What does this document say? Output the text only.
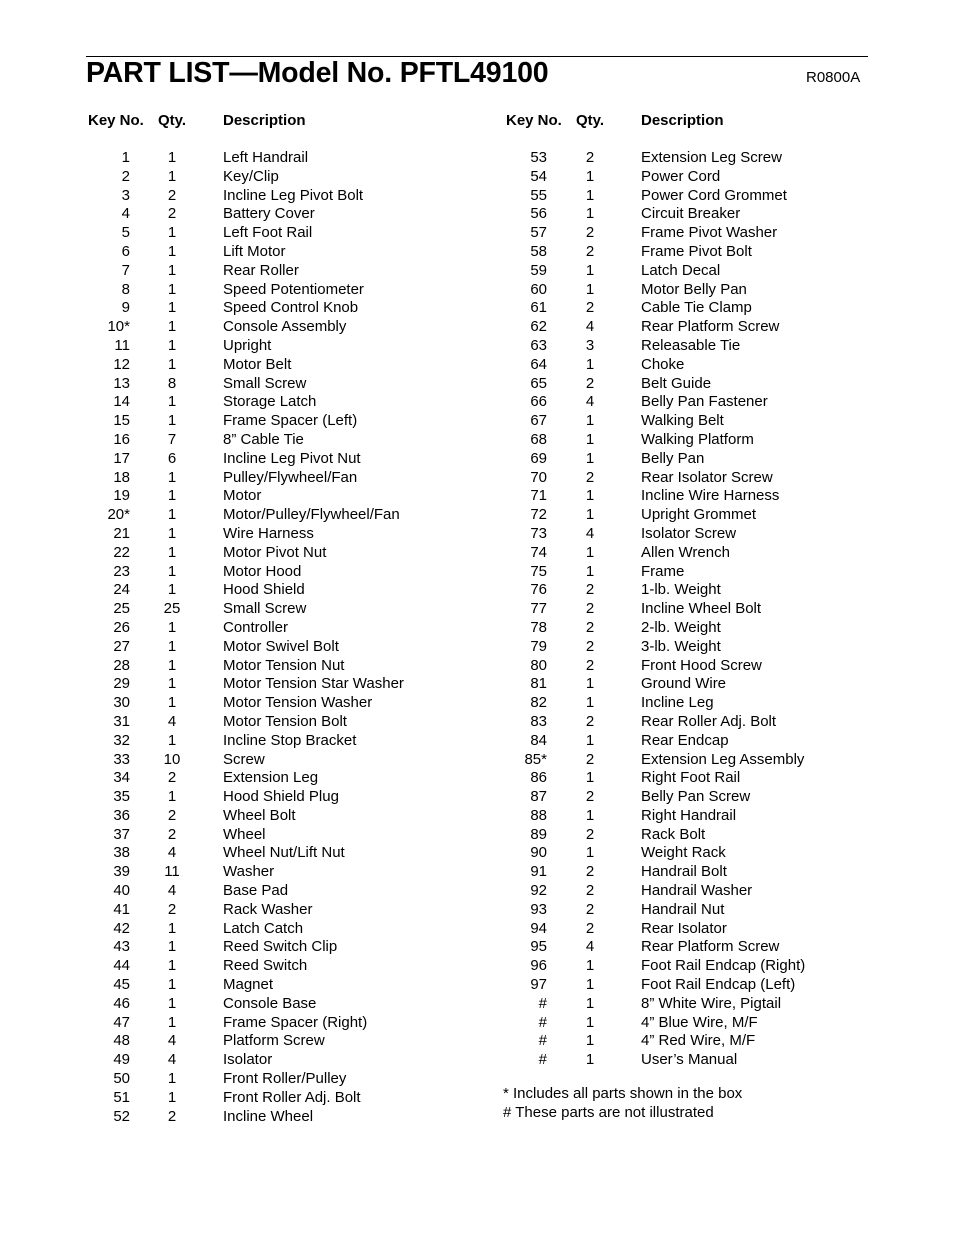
PART LIST—Model No. PFTL49100	R0800A
Key No. Qty. Description
1	1	Left Handrail
2	1	Key/Clip
3	2	Incline Leg Pivot Bolt
4	2	Battery Cover
5	1	Left Foot Rail
6	1	Lift Motor
7	1	Rear Roller
8	1	Speed Potentiometer
9	1	Speed Control Knob
10*	1	Console Assembly
11	1	Upright
12	1	Motor Belt
13	8	Small Screw
14	1	Storage Latch
15	1	Frame Spacer (Left)
16	7	8” Cable Tie
17	6	Incline Leg Pivot Nut
18	1	Pulley/Flywheel/Fan
19	1	Motor
20*	1	Motor/Pulley/Flywheel/Fan
21	1	Wire Harness
22	1	Motor Pivot Nut
23	1	Motor Hood
24	1	Hood Shield
25 25	Small Screw
26	1	Controller
27	1	Motor Swivel Bolt
28	1	Motor Tension Nut
29	1	Motor Tension Star Washer
30	1	Motor Tension Washer
31	4	Motor Tension Bolt
32	1	Incline Stop Bracket
33 10	Screw
34	2	Extension Leg
35	1	Hood Shield Plug
36	2	Wheel Bolt
37	2	Wheel
38	4	Wheel Nut/Lift Nut
39 11	Washer
40	4	Base Pad
41	2	Rack Washer
42	1	Latch Catch
43	1	Reed Switch Clip
44	1	Reed Switch
45	1	Magnet
46	1	Console Base
47	1	Frame Spacer (Right)
48	4	Platform Screw
49	4	Isolator
50	1	Front Roller/Pulley
51	1	Front Roller Adj. Bolt
52	2	Incline Wheel
Key No. Qty. Description
53	2	Extension Leg Screw
54	1	Power Cord
55	1	Power Cord Grommet
56	1	Circuit Breaker
57	2	Frame Pivot Washer
58	2	Frame Pivot Bolt
59	1	Latch Decal
60	1	Motor Belly Pan
61	2	Cable Tie Clamp
62	4	Rear Platform Screw
63	3	Releasable Tie
64	1	Choke
65	2	Belt Guide
66	4	Belly Pan Fastener
67	1	Walking Belt
68	1	Walking Platform
69	1	Belly Pan
70	2	Rear Isolator Screw
71	1	Incline Wire Harness
72	1	Upright Grommet
73	4	Isolator Screw
74	1	Allen Wrench
75	1	Frame
76	2	1-lb. Weight
77	2	Incline Wheel Bolt
78	2	2-lb. Weight
79	2	3-lb. Weight
80	2	Front Hood Screw
81	1	Ground Wire
82	1	Incline Leg
83	2	Rear Roller Adj. Bolt
84	1	Rear Endcap
85*	2	Extension Leg Assembly
86	1	Right Foot Rail
87	2	Belly Pan Screw
88	1	Right Handrail
89	2	Rack Bolt
90	1	Weight Rack
91	2	Handrail Bolt
92	2	Handrail Washer
93	2	Handrail Nut
94	2	Rear Isolator
95	4	Rear Platform Screw
96	1	Foot Rail Endcap (Right)
97	1	Foot Rail Endcap (Left)
#	1	8” White Wire, Pigtail
#	1	4” Blue Wire, M/F
#	1	4” Red Wire, M/F
#	1	User’s Manual
* Includes all parts shown in the box
# These parts are not illustrated
